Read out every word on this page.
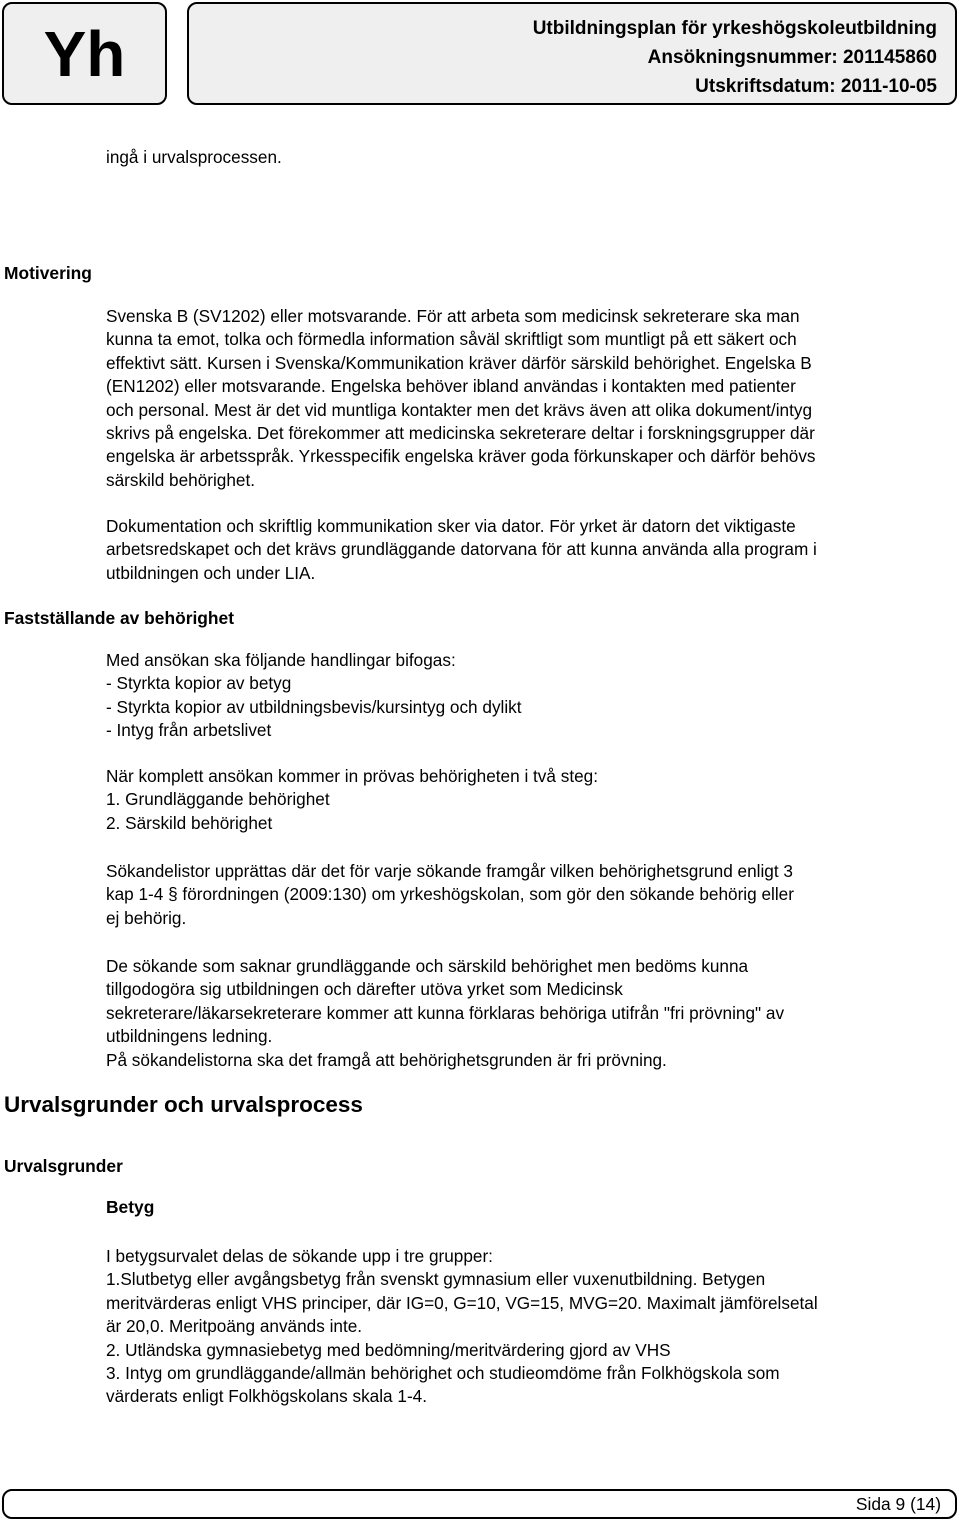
Yh	Utbildningsplan för yrkeshögskoleutbildning
Ansökningsnummer: 201145860
Utskriftsdatum: 2011-10-05
ingå i urvalsprocessen.
Motivering
Svenska B (SV1202) eller motsvarande. För att arbeta som medicinsk sekreterare ska man
kunna ta emot, tolka och förmedla information såväl skriftligt som muntligt på ett säkert och
effektivt sätt. Kursen i Svenska/Kommunikation kräver därför särskild behörighet. Engelska B
(EN1202) eller motsvarande. Engelska behöver ibland användas i kontakten med patienter
och personal. Mest är det vid muntliga kontakter men det krävs även att olika dokument/intyg
skrivs på engelska. Det förekommer att medicinska sekreterare deltar i forskningsgrupper där
engelska är arbetsspråk. Yrkesspecifik engelska kräver goda förkunskaper och därför behövs
särskild behörighet.
Dokumentation och skriftlig kommunikation sker via dator. För yrket är datorn det viktigaste
arbetsredskapet och det krävs grundläggande datorvana för att kunna använda alla program i
utbildningen och under LIA.
Fastställande av behörighet
Med ansökan ska följande handlingar bifogas:
- Styrkta kopior av betyg
- Styrkta kopior av utbildningsbevis/kursintyg och dylikt
- Intyg från arbetslivet
När komplett ansökan kommer in prövas behörigheten i två steg:
1. Grundläggande behörighet
2. Särskild behörighet
Sökandelistor upprättas där det för varje sökande framgår vilken behörighetsgrund enligt 3
kap 1-4 § förordningen (2009:130) om yrkeshögskolan, som gör den sökande behörig eller
ej behörig.
De sökande som saknar grundläggande och särskild behörighet men bedöms kunna
tillgodogöra sig utbildningen och därefter utöva yrket som Medicinsk
sekreterare/läkarsekreterare kommer att kunna förklaras behöriga utifrån "fri prövning" av
utbildningens ledning.
På sökandelistorna ska det framgå att behörighetsgrunden är fri prövning.
Urvalsgrunder och urvalsprocess
Urvalsgrunder
Betyg
I betygsurvalet delas de sökande upp i tre grupper:
1.Slutbetyg eller avgångsbetyg från svenskt gymnasium eller vuxenutbildning. Betygen
meritvärderas enligt VHS principer, där IG=0, G=10, VG=15, MVG=20. Maximalt jämförelsetal
är 20,0. Meritpoäng används inte.
2. Utländska gymnasiebetyg med bedömning/meritvärdering gjord av VHS
3. Intyg om grundläggande/allmän behörighet och studieomdöme från Folkhögskola som
värderats enligt Folkhögskolans skala 1-4.
Sida 9 (14)
